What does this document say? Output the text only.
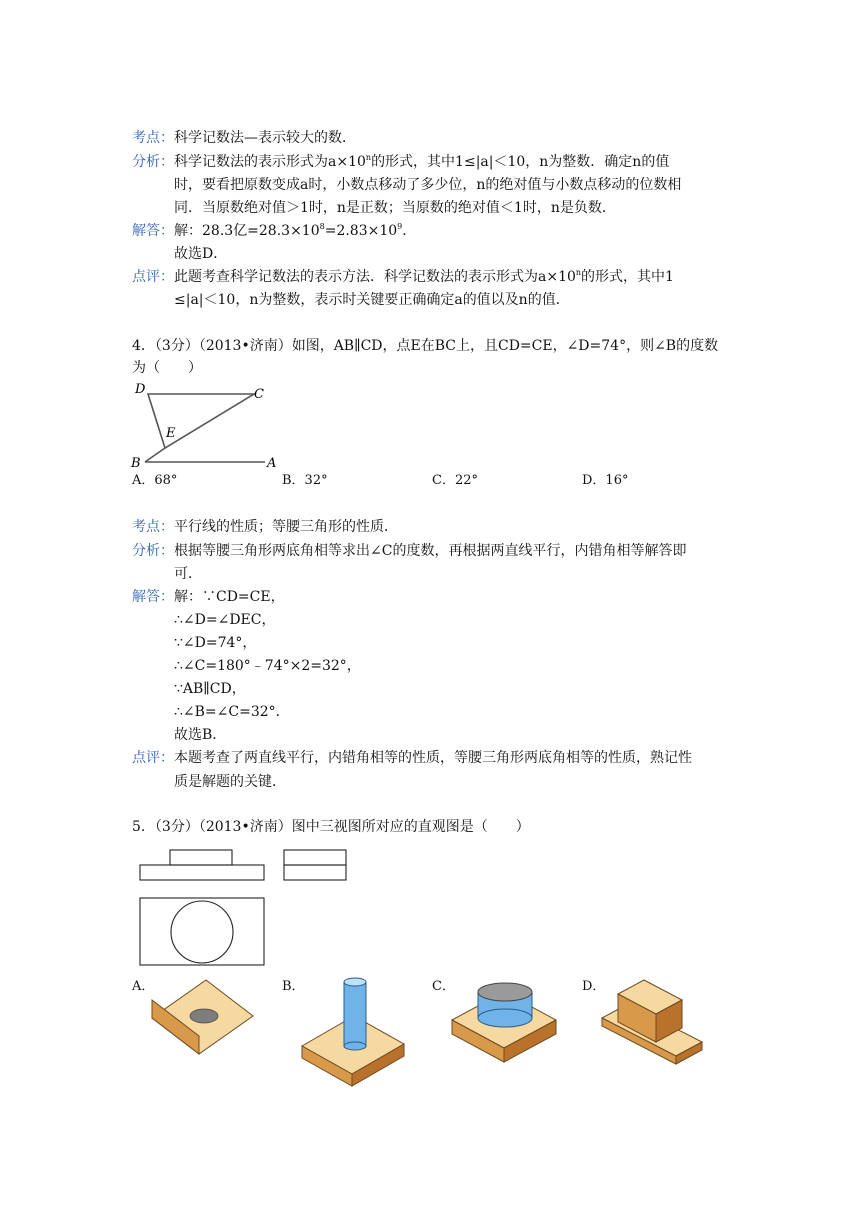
考点：科学记数法—表示较大的数．
分析：科学记数法的表示形式为$a\times 10^n$的形式，其中1≤|a|＜10，n为整数．确定n的值
时，要看把原数变成a时，小数点移动了多少位，n的绝对值与小数点移动的位数相
同．当原数绝对值＞1时，n是正数；当原数的绝对值＜1时，n是负数．
解答：解：28.3亿$=28.3\times 10^8=2.83\times 10^9$．
故选D．
点评：此题考查科学记数法的表示方法．科学记数法的表示形式为$a\times 10^n$的形式，其中1
≤|a|＜10，n为整数，表示时关键要正确确定a的值以及n的值．
4．（3分）（2013•济南）如图，AB∥CD，点E在BC上，且CD=CE，∠D=74°，则∠B的度数
为（　　）
D	C
E
B	A
A．68°	B．32°	C．22°	D．16°
考点：平行线的性质；等腰三角形的性质．
分析：根据等腰三角形两底角相等求出∠C的度数，再根据两直线平行，内错角相等解答即
可．
解答：解：∵CD=CE，
∴∠D=∠DEC，
∵∠D=74°，
∴∠C=180°﹣74°×2=32°，
∵AB∥CD，
∴∠B=∠C=32°．
故选B．
点评：本题考查了两直线平行，内错角相等的性质，等腰三角形两底角相等的性质，熟记性
质是解题的关键．
5．（3分）（2013•济南）图中三视图所对应的直观图是（　　）
A．	B．	C．	D．
